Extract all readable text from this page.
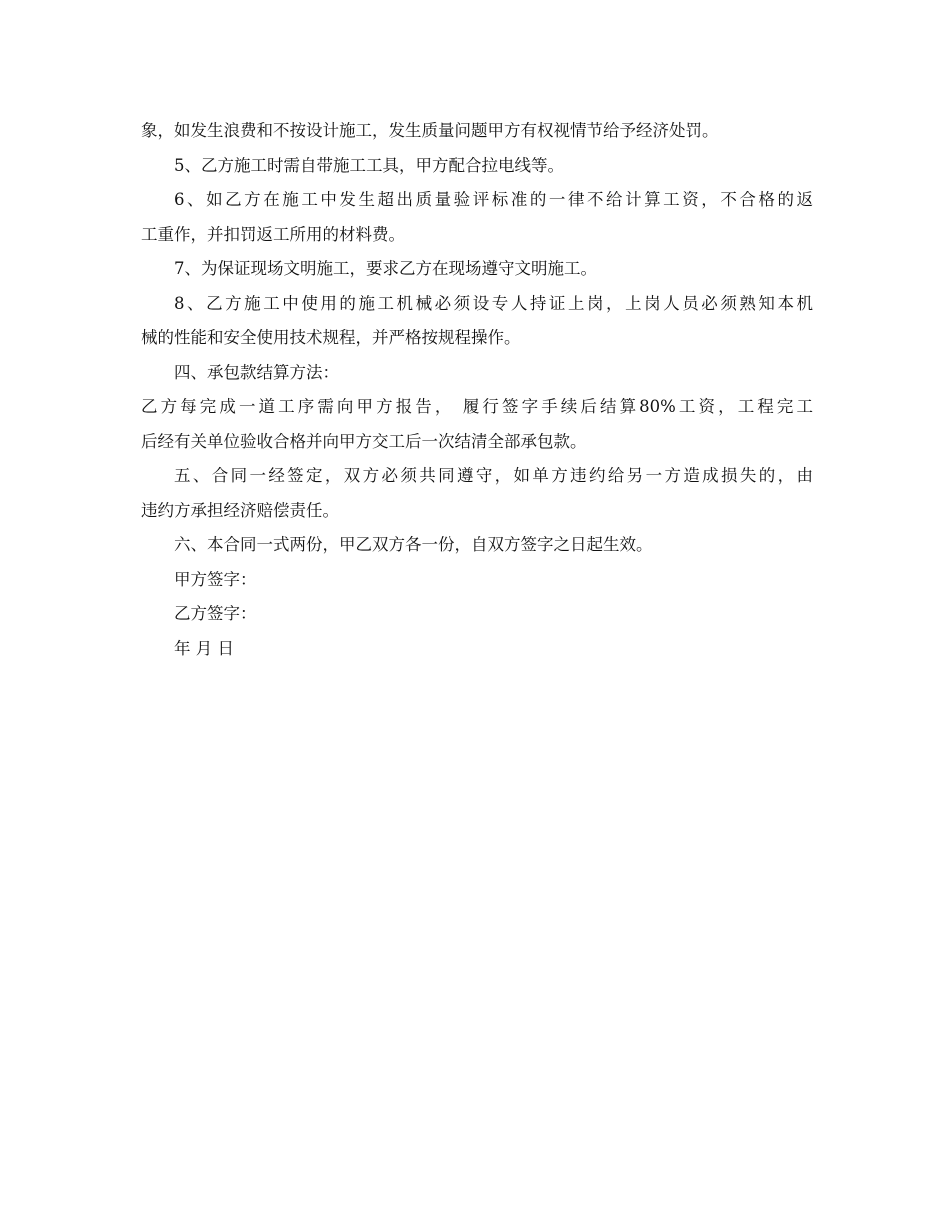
象，如发生浪费和不按设计施工，发生质量问题甲方有权视情节给予经济处罚。
5、乙方施工时需自带施工工具，甲方配合拉电线等。
6、如乙方在施工中发生超出质量验评标准的一律不给计算工资，不合格的返
工重作，并扣罚返工所用的材料费。
7、为保证现场文明施工，要求乙方在现场遵守文明施工。
8、乙方施工中使用的施工机械必须设专人持证上岗，上岗人员必须熟知本机
械的性能和安全使用技术规程，并严格按规程操作。
四、承包款结算方法：
乙方每完成一道工序需向甲方报告， 履行签字手续后结算80%工资，工程完工
后经有关单位验收合格并向甲方交工后一次结清全部承包款。
五、合同一经签定，双方必须共同遵守，如单方违约给另一方造成损失的，由
违约方承担经济赔偿责任。
六、本合同一式两份，甲乙双方各一份，自双方签字之日起生效。
甲方签字：
乙方签字：
年 月 日
